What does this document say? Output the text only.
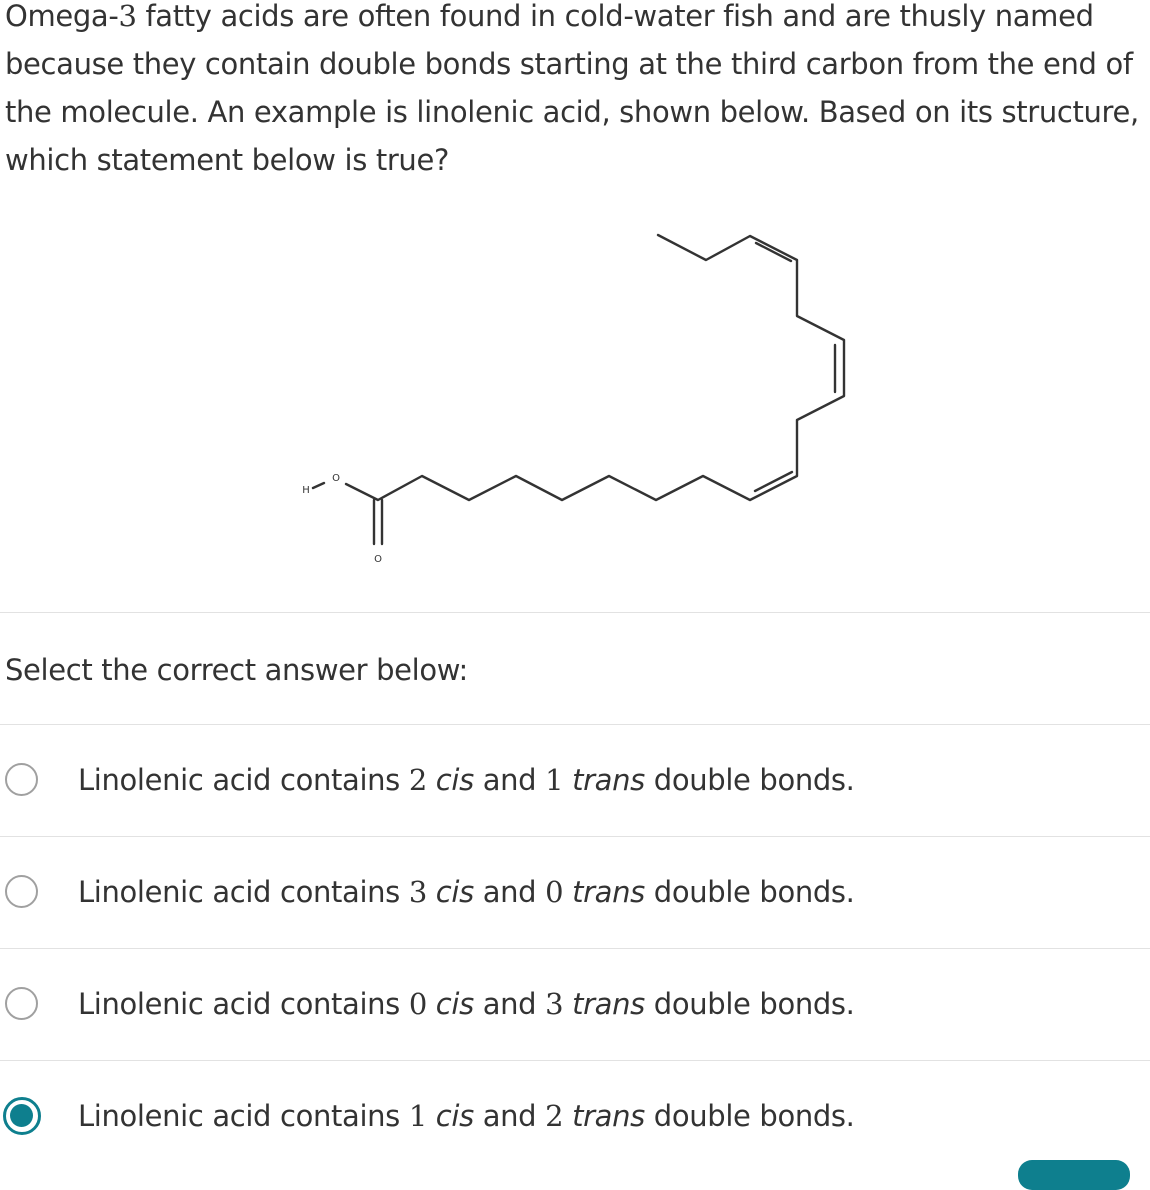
Omega-3 fatty acids are often found in cold-water fish and are thusly named because they contain double bonds starting at the third carbon from the end of the molecule. An example is linolenic acid, shown below. Based on its structure, which statement below is true?

H
O
O
Select the correct answer below:
Linolenic acid contains 2 cis and 1 trans double bonds.
Linolenic acid contains 3 cis and 0 trans double bonds.
Linolenic acid contains 0 cis and 3 trans double bonds.
Linolenic acid contains 1 cis and 2 trans double bonds.
